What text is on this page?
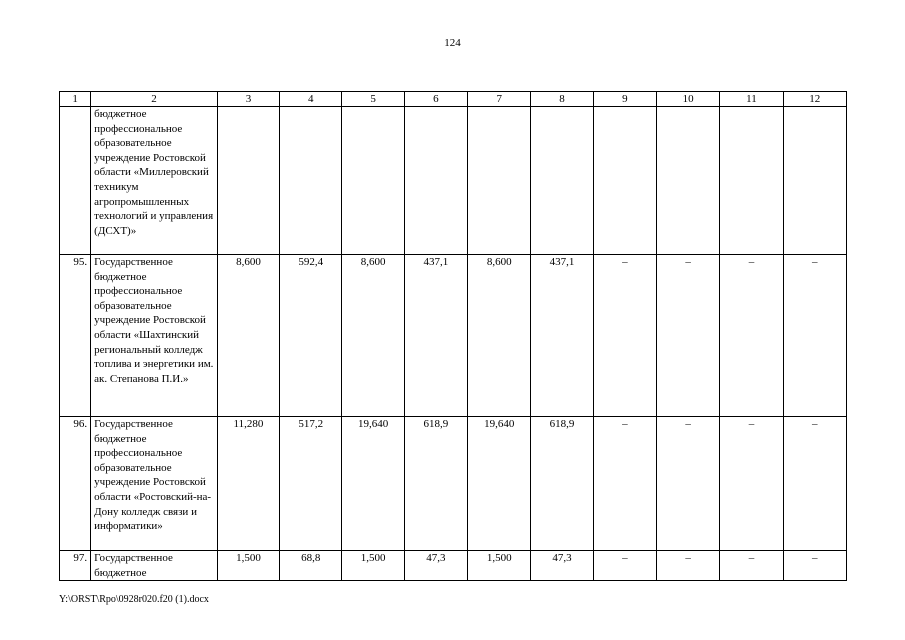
124
1	2	3	4	5	6	7	8	9	10	11	12
	бюджетное профессиональное образовательное учреждение Ростовской области «Миллеровский техникум агропромышленных технологий и управления (ДСХТ)»										
95.	Государственное бюджетное профессиональное образовательное учреждение Ростовской области «Шахтинский региональный колледж топлива и энергетики им. ак. Степанова П.И.»	8,600	592,4	8,600	437,1	8,600	437,1	–	–	–	–
96.	Государственное бюджетное профессиональное образовательное учреждение Ростовской области «Ростовский-на-Дону колледж связи и информатики»	11,280	517,2	19,640	618,9	19,640	618,9	–	–	–	–
97.	Государственное бюджетное	1,500	68,8	1,500	47,3	1,500	47,3	–	–	–	–
Y:\ORST\Rpo\0928r020.f20 (1).docx
